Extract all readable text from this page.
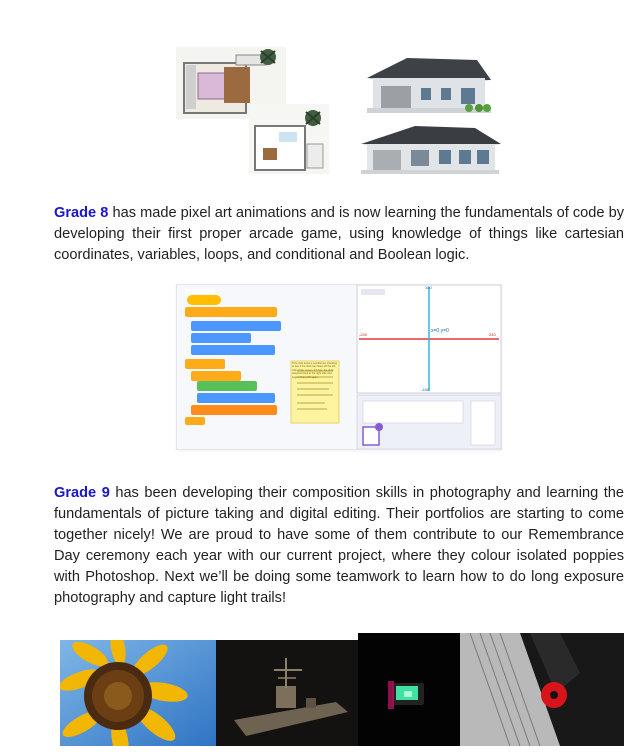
Grade 8 has made pixel art animations and is now learning the fundamentals of code by developing their first proper arcade game, using knowledge of things like cartesian coordinates, variables, loops, and conditional and Boolean logic.

180
-240	240
-180
x=0 y=0
This code loops a conditional, checking to see if the duck has flown off the left side of the screen. If it has, the duck teleports back to the right side and begins flying left again.

Grade 9 has been developing their composition skills in photography and learning the fundamentals of picture taking and digital editing. Their portfolios are starting to come together nicely! We are proud to have some of them contribute to our Remembrance Day ceremony each year with our current project, where they colour isolated poppies with Photoshop. Next we’ll be doing some teamwork to learn how to do long exposure photography and capture light trails!
